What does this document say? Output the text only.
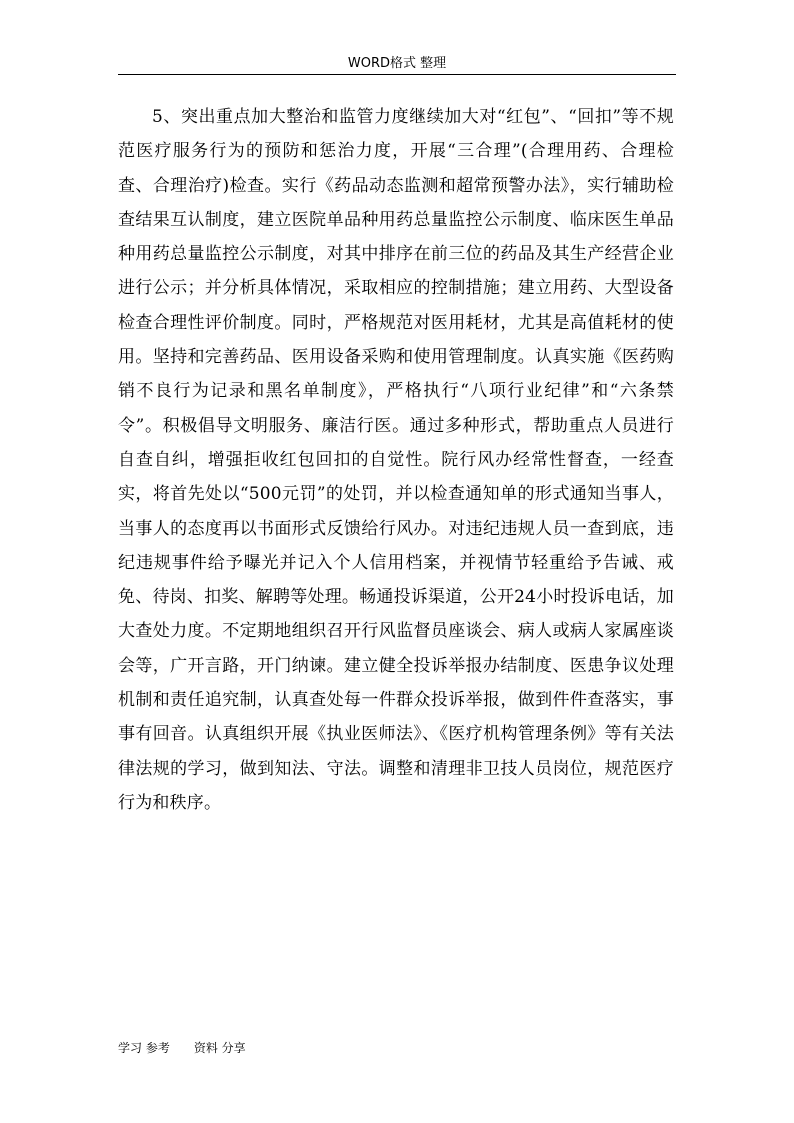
WORD格式 整理

5、突出重点加大整治和监管力度继续加大对“红包”、“回扣”等不规范医疗服务行为的预防和惩治力度，开展“三合理”(合理用药、合理检查、合理治疗)检查。实行《药品动态监测和超常预警办法》，实行辅助检查结果互认制度，建立医院单品种用药总量监控公示制度、临床医生单品种用药总量监控公示制度，对其中排序在前三位的药品及其生产经营企业进行公示；并分析具体情况，采取相应的控制措施；建立用药、大型设备检查合理性评价制度。同时，严格规范对医用耗材，尤其是高值耗材的使用。坚持和完善药品、医用设备采购和使用管理制度。认真实施《医药购销不良行为记录和黑名单制度》，严格执行“八项行业纪律”和“六条禁令”。积极倡导文明服务、廉洁行医。通过多种形式，帮助重点人员进行自查自纠，增强拒收红包回扣的自觉性。院行风办经常性督查，一经查实，将首先处以“500元罚”的处罚，并以检查通知单的形式通知当事人，当事人的态度再以书面形式反馈给行风办。对违纪违规人员一查到底，违纪违规事件给予曝光并记入个人信用档案，并视情节轻重给予告诫、戒免、待岗、扣奖、解聘等处理。畅通投诉渠道，公开24小时投诉电话，加大查处力度。不定期地组织召开行风监督员座谈会、病人或病人家属座谈会等，广开言路，开门纳谏。建立健全投诉举报办结制度、医患争议处理机制和责任追究制，认真查处每一件群众投诉举报，做到件件查落实，事事有回音。认真组织开展《执业医师法》、《医疗机构管理条例》等有关法律法规的学习，做到知法、守法。调整和清理非卫技人员岗位，规范医疗行为和秩序。

学习 参考 资料 分享
